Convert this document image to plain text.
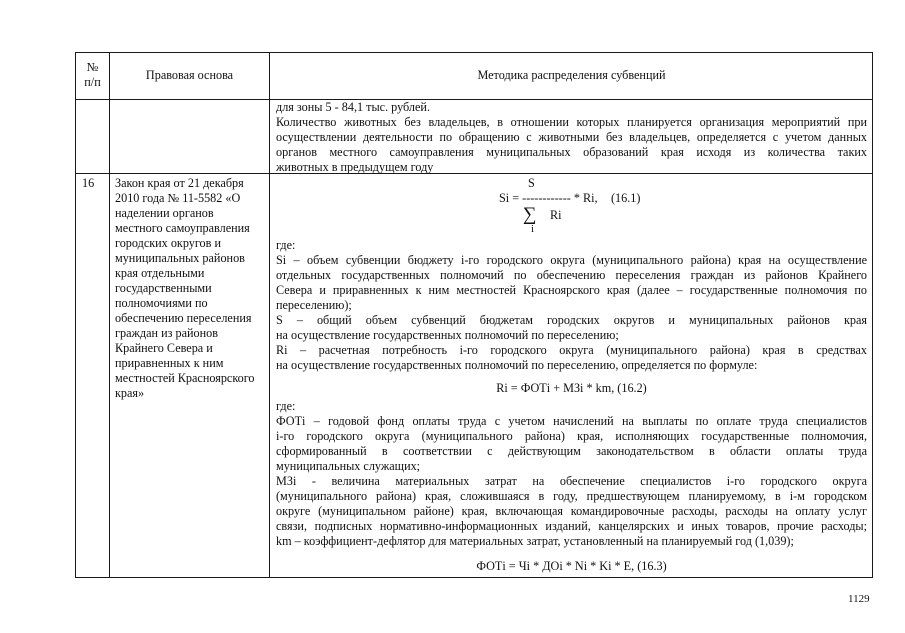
№
п/п	Правовая основа	Методика распределения субвенций
для зоны 5 - 84,1 тыс. рублей.
Количество животных без владельцев, в отношении которых планируется организация мероприятий при
осуществлении деятельности по обращению с животными без владельцев, определяется с учетом данных
органов местного самоуправления муниципальных образований края исходя из количества таких
животных в предыдущем году
16 Закон края от 21 декабря
2010 года № 11-5582 «О
наделении органов
местного самоуправления
городских округов и
муниципальных районов
края отдельными
государственными
полномочиями по
обеспечению переселения
граждан из районов
Крайнего Севера и
приравненных к ним
местностей Красноярского
края»
S
Si = ------------ * Ri, (16.1)
∑ Ri
i
где:
Si – объем субвенции бюджету i-го городского округа (муниципального района) края на осуществление
отдельных государственных полномочий по обеспечению переселения граждан из районов Крайнего
Севера и приравненных к ним местностей Красноярского края (далее – государственные полномочия по
переселению);
S – общий объем субвенций бюджетам городских округов и муниципальных районов края
на осуществление государственных полномочий по переселению;
Ri – расчетная потребность i-го городского округа (муниципального района) края в средствах
на осуществление государственных полномочий по переселению, определяется по формуле:
Ri = ФОТi + МЗi * km, (16.2)
где:
ФОТi – годовой фонд оплаты труда с учетом начислений на выплаты по оплате труда специалистов
i-го городского округа (муниципального района) края, исполняющих государственные полномочия,
сформированный в соответствии с действующим законодательством в области оплаты труда
муниципальных служащих;
МЗi - величина материальных затрат на обеспечение специалистов i-го городского округа
(муниципального района) края, сложившаяся в году, предшествующем планируемому, в i-м городском
округе (муниципальном районе) края, включающая командировочные расходы, расходы на оплату услуг
связи, подписных нормативно-информационных изданий, канцелярских и иных товаров, прочие расходы;
km – коэффициент-дефлятор для материальных затрат, установленный на планируемый год (1,039);
ФОТi = Чi * ДОi * Ni * Ki * E, (16.3)
1129
